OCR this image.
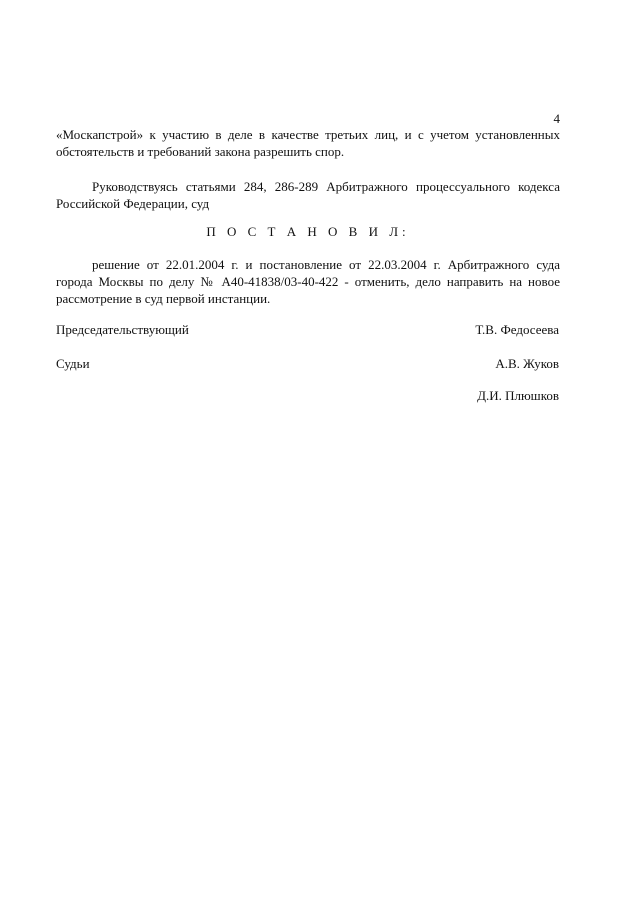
4
«Москапстрой» к участию в деле в качестве третьих лиц, и с учетом установленных
обстоятельств и требований закона разрешить спор.
Руководствуясь статьями 284, 286-289 Арбитражного процессуального кодекса
Российской Федерации, суд
П О С Т А Н О В И Л:
решение от 22.01.2004 г. и постановление от 22.03.2004 г. Арбитражного суда
города Москвы по делу № А40-41838/03-40-422 - отменить, дело направить на новое
рассмотрение в суд первой инстанции.
Председательствующий	Т.В. Федосеева
Судьи	А.В. Жуков
Д.И. Плюшков
